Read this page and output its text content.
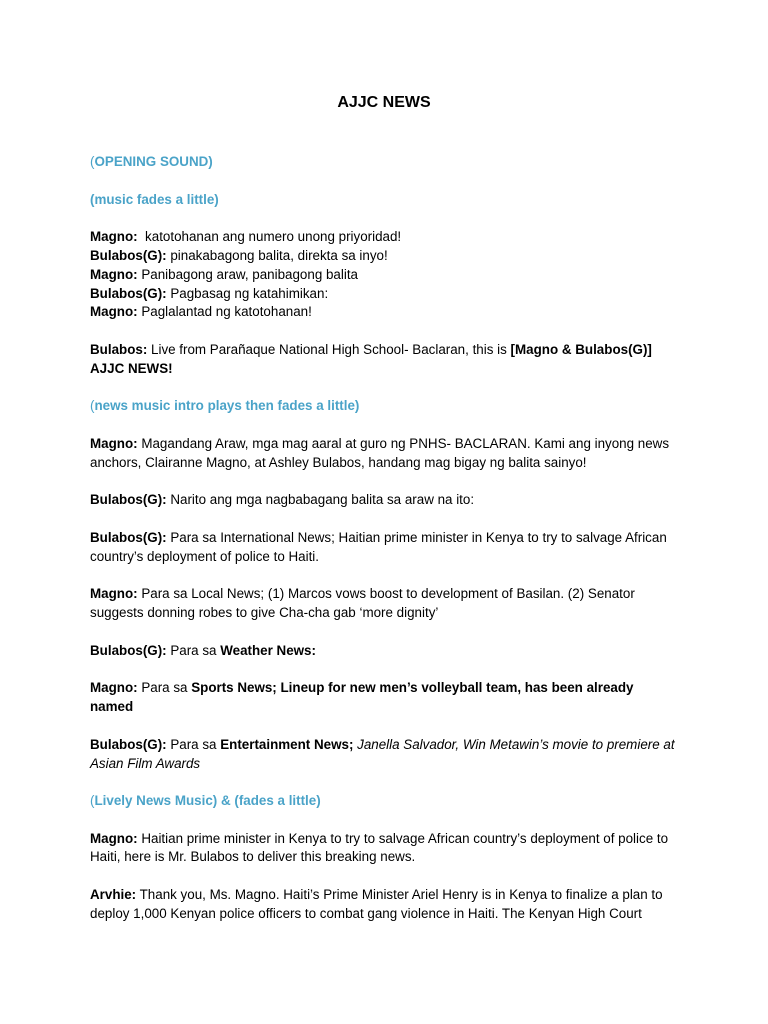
AJJC NEWS

(OPENING SOUND)

(music fades a little)

Magno:  katotohanan ang numero unong priyoridad!
Bulabos(G): pinakabagong balita, direkta sa inyo!
Magno: Panibagong araw, panibagong balita
Bulabos(G): Pagbasag ng katahimikan:
Magno: Paglalantad ng katotohanan!

Bulabos: Live from Parañaque National High School- Baclaran, this is [Magno & Bulabos(G)] AJJC NEWS!

(news music intro plays then fades a little)

Magno: Magandang Araw, mga mag aaral at guro ng PNHS- BACLARAN. Kami ang inyong news anchors, Clairanne Magno, at Ashley Bulabos, handang mag bigay ng balita sainyo!

Bulabos(G): Narito ang mga nagbabagang balita sa araw na ito:

Bulabos(G): Para sa International News; Haitian prime minister in Kenya to try to salvage African country’s deployment of police to Haiti.

Magno: Para sa Local News; (1) Marcos vows boost to development of Basilan. (2) Senator suggests donning robes to give Cha-cha gab ‘more dignity’

Bulabos(G): Para sa Weather News:

Magno: Para sa Sports News; Lineup for new men’s volleyball team, has been already named

Bulabos(G): Para sa Entertainment News; Janella Salvador, Win Metawin’s movie to premiere at Asian Film Awards

(Lively News Music) & (fades a little)

Magno: Haitian prime minister in Kenya to try to salvage African country’s deployment of police to Haiti, here is Mr. Bulabos to deliver this breaking news.

Arvhie: Thank you, Ms. Magno. Haiti’s Prime Minister Ariel Henry is in Kenya to finalize a plan to deploy 1,000 Kenyan police officers to combat gang violence in Haiti. The Kenyan High Court
